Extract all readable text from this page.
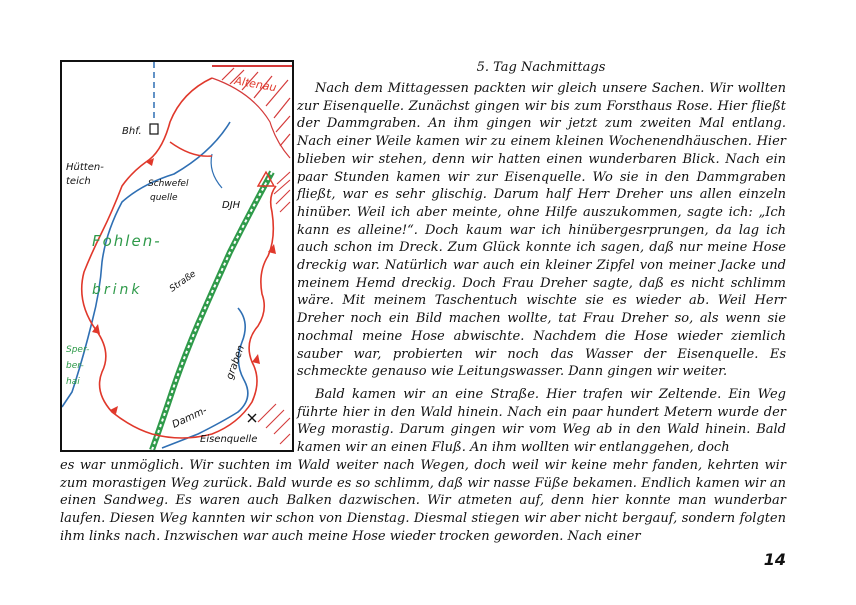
Altenau
Bhf.
Hütten-
teich	Schwefel
quelle
DJH
Fohlen-
brink	Straße
graben
Damm-
Sper-
ber-
hai
Eisenquelle
5. Tag Nachmittags

Nach dem Mittagessen packten wir gleich unsere Sachen. Wir wollten zur Eisenquelle. Zunächst gingen wir bis zum Forsthaus Rose. Hier fließt der Dammgraben. An ihm gingen wir jetzt zum zweiten Mal entlang. Nach einer Weile kamen wir zu einem kleinen Wochenendhäuschen. Hier blieben wir stehen, denn wir hatten einen wunderbaren Blick. Nach ein paar Stunden kamen wir zur Eisenquelle. Wo sie in den Dammgraben fließt, war es sehr glischig. Darum half Herr Dreher uns allen einzeln hinüber. Weil ich aber meinte, ohne Hilfe auszukommen, sagte ich: „Ich kann es alleine!“. Doch kaum war ich hinübergesrprungen, da lag ich auch schon im Dreck. Zum Glück konnte ich sagen, daß nur meine Hose dreckig war. Natürlich war auch ein kleiner Zipfel von meiner Jacke und meinem Hemd dreckig. Doch Frau Dreher sagte, daß es nicht schlimm wäre. Mit meinem Taschentuch wischte sie es wieder ab. Weil Herr Dreher noch ein Bild machen wollte, tat Frau Dreher so, als wenn sie nochmal meine Hose abwischte. Nachdem die Hose wieder ziemlich sauber war, probierten wir noch das Wasser der Eisenquelle. Es schmeckte genauso wie Leitungswasser. Dann gingen wir weiter.

Bald kamen wir an eine Straße. Hier trafen wir Zeltende. Ein Weg führte hier in den Wald hinein. Nach ein paar hundert Metern wurde der Weg morastig. Darum gingen wir vom Weg ab in den Wald hinein. Bald kamen wir an einen Fluß. An ihm wollten wir entlanggehen, doch

es war unmöglich. Wir suchten im Wald weiter nach Wegen, doch weil wir keine mehr fanden, kehrten wir zum morastigen Weg zurück. Bald wurde es so schlimm, daß wir nasse Füße bekamen. Endlich kamen wir an einen Sandweg. Es waren auch Balken dazwischen. Wir atmeten auf, denn hier konnte man wunderbar laufen. Diesen Weg kannten wir schon von Dienstag. Diesmal stiegen wir aber nicht bergauf, sondern folgten ihm links nach. Inzwischen war auch meine Hose wieder trocken geworden. Nach einer

14
